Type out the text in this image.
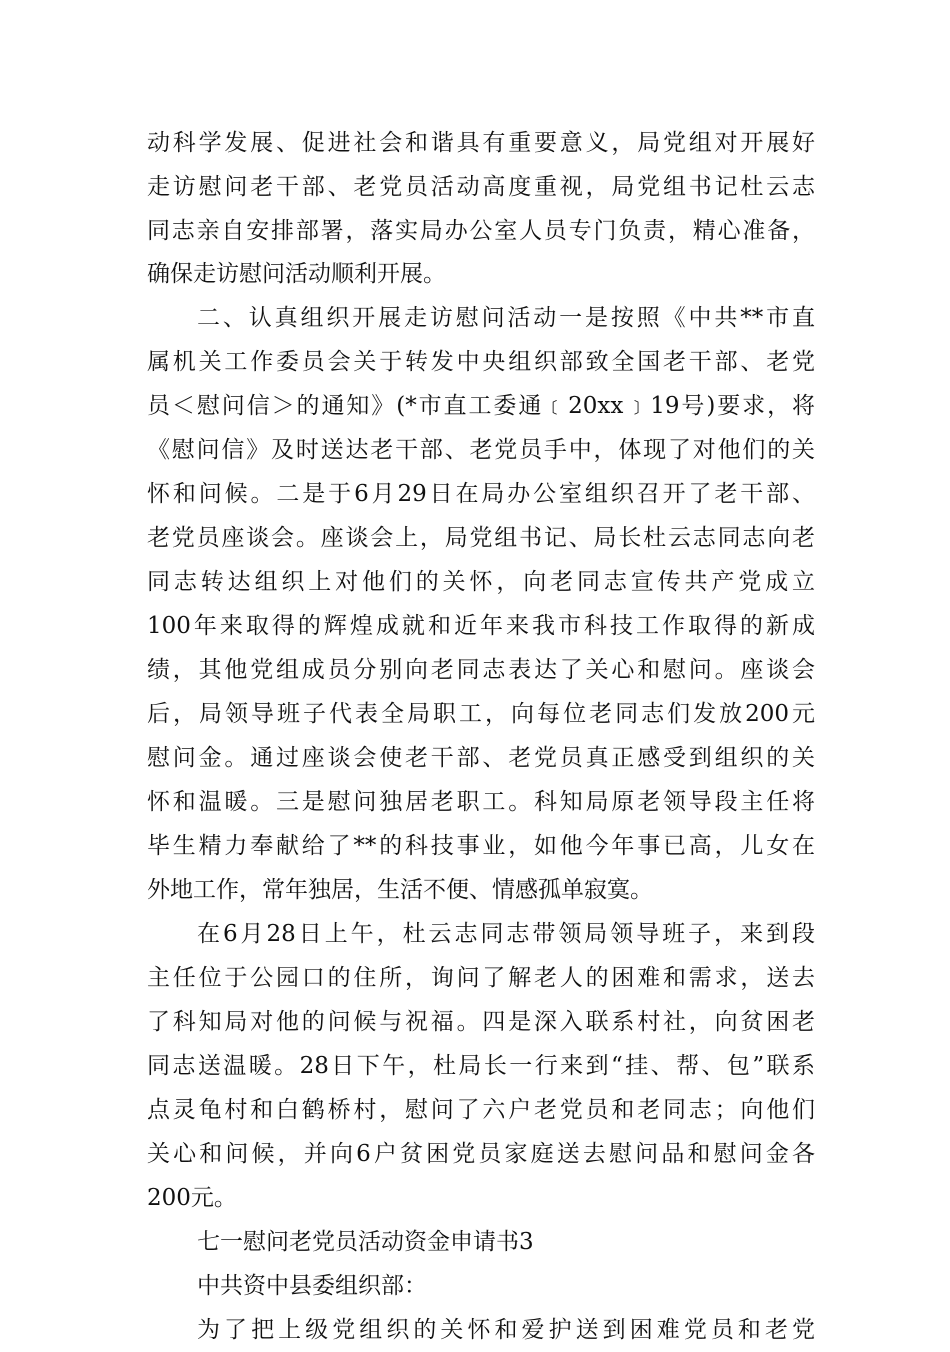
动科学发展、促进社会和谐具有重要意义，局党组对开展好
走访慰问老干部、老党员活动高度重视，局党组书记杜云志
同志亲自安排部署，落实局办公室人员专门负责，精心准备，
确保走访慰问活动顺利开展。
二、认真组织开展走访慰问活动一是按照《中共**市直
属机关工作委员会关于转发中央组织部致全国老干部、老党
员＜慰问信＞的通知》(*市直工委通﹝20xx﹞19号)要求，将
《慰问信》及时送达老干部、老党员手中，体现了对他们的关
怀和问候。二是于6月29日在局办公室组织召开了老干部、
老党员座谈会。座谈会上，局党组书记、局长杜云志同志向老
同志转达组织上对他们的关怀，向老同志宣传共产党成立
100年来取得的辉煌成就和近年来我市科技工作取得的新成
绩，其他党组成员分别向老同志表达了关心和慰问。座谈会
后，局领导班子代表全局职工，向每位老同志们发放200元
慰问金。通过座谈会使老干部、老党员真正感受到组织的关
怀和温暖。三是慰问独居老职工。科知局原老领导段主任将
毕生精力奉献给了**的科技事业，如他今年事已高，儿女在
外地工作，常年独居，生活不便、情感孤单寂寞。
在6月28日上午，杜云志同志带领局领导班子，来到段
主任位于公园口的住所，询问了解老人的困难和需求，送去
了科知局对他的问候与祝福。四是深入联系村社，向贫困老
同志送温暖。28日下午，杜局长一行来到“挂、帮、包”联系
点灵龟村和白鹤桥村，慰问了六户老党员和老同志；向他们
关心和问候，并向6户贫困党员家庭送去慰问品和慰问金各
200元。
七一慰问老党员活动资金申请书3
中共资中县委组织部：
为了把上级党组织的关怀和爱护送到困难党员和老党
